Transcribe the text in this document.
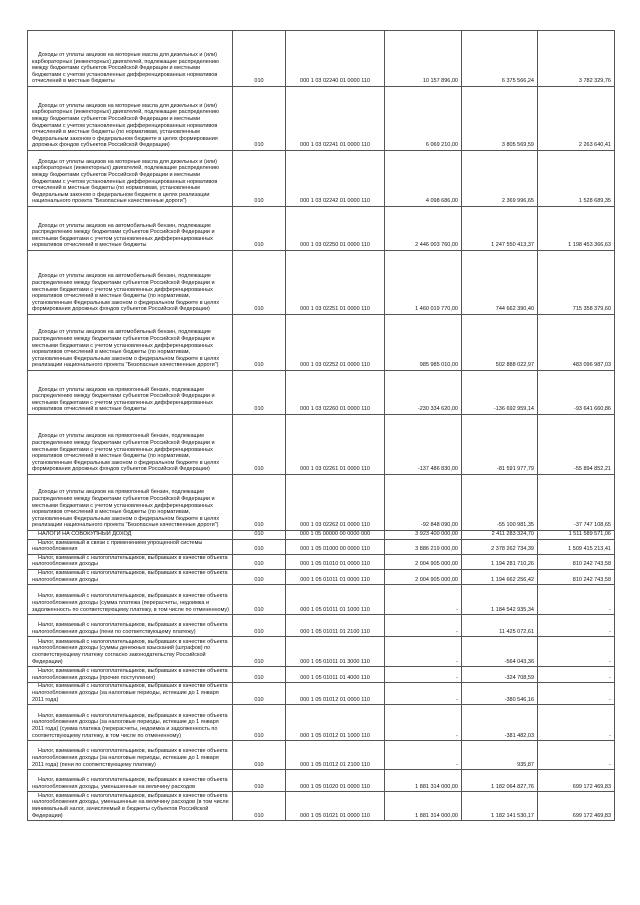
Доходы от уплаты акцизов на моторные масла для дизельных и (или) карбюраторных (инжекторных) двигателей, подлежащие распределению между бюджетами субъектов Российской Федерации и местными бюджетами с учетом установленных дифференцированных нормативов отчислений в местные бюджеты	010	000 1 03 02240 01 0000 110	10 157 896,00	6 375 566,24	3 782 329,76
Доходы от уплаты акцизов на моторные масла для дизельных и (или) карбюраторных (инжекторных) двигателей, подлежащие распределению между бюджетами субъектов Российской Федерации и местными бюджетами с учетом установленных дифференцированных нормативов отчислений в местные бюджеты (по нормативам, установленным Федеральным законом о федеральном бюджете в целях формирования дорожных фондов субъектов Российской Федерации)	010	000 1 03 02241 01 0000 110	6 069 210,00	3 805 569,59	2 263 640,41
Доходы от уплаты акцизов на моторные масла для дизельных и (или) карбюраторных (инжекторных) двигателей, подлежащие распределению между бюджетами субъектов Российской Федерации и местными бюджетами с учетом установленных дифференцированных нормативов отчислений в местные бюджеты (по нормативам, установленным Федеральным законом о федеральном бюджете в целях реализации национального проекта "Безопасные качественные дороги")	010	000 1 03 02242 01 0000 110	4 098 686,00	2 369 996,65	1 528 689,35
Доходы от уплаты акцизов на автомобильный бензин, подлежащие распределению между бюджетами субъектов Российской Федерации и местными бюджетами с учетом установленных дифференцированных нормативов отчислений в местные бюджеты	010	000 1 03 02250 01 0000 110	2 446 003 760,00	1 247 550 413,37	1 198 453 366,63
Доходы от уплаты акцизов на автомобильный бензин, подлежащие распределению между бюджетами субъектов Российской Федерации и местными бюджетами с учетом установленных дифференцированных нормативов отчислений в местные бюджеты (по нормативам, установленным Федеральным законом о федеральном бюджете в целях формирования дорожных фондов субъектов Российской Федерации)	010	000 1 03 02251 01 0000 110	1 460 019 770,00	744 662 390,40	715 358 379,60
Доходы от уплаты акцизов на автомобильный бензин, подлежащие распределению между бюджетами субъектов Российской Федерации и местными бюджетами с учетом установленных дифференцированных нормативов отчислений в местные бюджеты (по нормативам, установленным Федеральным законом о федеральном бюджете в целях реализации национального проекта "Безопасные качественные дороги")	010	000 1 03 02252 01 0000 110	985 985 010,00	502 888 022,97	483 096 987,03
Доходы от уплаты акцизов на прямогонный бензин, подлежащие распределению между бюджетами субъектов Российской Федерации и местными бюджетами с учетом установленных дифференцированных нормативов отчислений в местные бюджеты	010	000 1 03 02260 01 0000 110	-230 334 620,00	-136 692 959,14	-93 641 660,86
Доходы от уплаты акцизов на прямогонный бензин, подлежащие распределению между бюджетами субъектов Российской Федерации и местными бюджетами с учетом установленных дифференцированных нормативов отчислений в местные бюджеты (по нормативам, установленным Федеральным законом о федеральном бюджете в целях формирования дорожных фондов субъектов Российской Федерации)	010	000 1 03 02261 01 0000 110	-137 486 830,00	-81 591 977,79	-55 894 852,21
Доходы от уплаты акцизов на прямогонный бензин, подлежащие распределению между бюджетами субъектов Российской Федерации и местными бюджетами с учетом установленных дифференцированных нормативов отчислений в местные бюджеты (по нормативам, установленным Федеральным законом о федеральном бюджете в целях реализации национального проекта "Безопасные качественные дороги")	010	000 1 03 02262 01 0000 110	-92 848 090,00	-55 100 981,35	-37 747 108,65
НАЛОГИ НА СОВОКУПНЫЙ ДОХОД	010	000 1 05 00000 00 0000 000	3 923 400 000,00	2 411 283 324,70	1 511 589 571,06
Налог, взимаемый в связи с применением упрощенной системы налогообложения	010	000 1 05 01000 00 0000 110	3 886 219 000,00	2 378 262 734,39	1 509 415 213,41
Налог, взимаемый с налогоплательщиков, выбравших в качестве объекта налогообложения доходы	010	000 1 05 01010 01 0000 110	2 004 905 000,00	1 194 281 710,26	810 242 743,58
Налог, взимаемый с налогоплательщиков, выбравших в качестве объекта налогообложения доходы	010	000 1 05 01011 01 0000 110	2 004 905 000,00	1 194 662 256,42	810 242 743,58
Налог, взимаемый с налогоплательщиков, выбравших в качестве объекта налогообложения доходы (сумма платежа (перерасчеты, недоимка и задолженность по соответствующему платежу, в том числе по отмененному)	010	000 1 05 01011 01 1000 110	-	1 184 542 935,34	-
Налог, взимаемый с налогоплательщиков, выбравших в качестве объекта налогообложения доходы (пени по соответствующему платежу)	010	000 1 05 01011 01 2100 110	-	11 425 072,61	-
Налог, взимаемый с налогоплательщиков, выбравших в качестве объекта налогообложения доходы (суммы денежных взысканий (штрафов) по соответствующему платежу согласно законодательству Российской Федерации)	010	000 1 05 01011 01 3000 110	-	-564 043,36	-
Налог, взимаемый с налогоплательщиков, выбравших в качестве объекта налогообложения доходы (прочие поступления)	010	000 1 05 01011 01 4000 110	-	-324 708,59	-
Налог, взимаемый с налогоплательщиков, выбравших в качестве объекта налогообложения доходы (за налоговые периоды, истекшие до 1 января 2011 года)	010	000 1 05 01012 01 0000 110	-	-380 546,16	-
Налог, взимаемый с налогоплательщиков, выбравших в качестве объекта налогообложения доходы (за налоговые периоды, истекшие до 1 января 2011 года) (сумма платежа (перерасчеты, недоимка и задолженность по соответствующему платежу, в том числе по отмененному)	010	000 1 05 01012 01 1000 110	-	-381 482,03	-
Налог, взимаемый с налогоплательщиков, выбравших в качестве объекта налогообложения доходы (за налоговые периоды, истекшие до 1 января 2011 года) (пени по соответствующему платежу)	010	000 1 05 01012 01 2100 110	-	935,87	-
Налог, взимаемый с налогоплательщиков, выбравших в качестве объекта налогообложения доходы, уменьшенные на величину расходов	010	000 1 05 01020 01 0000 110	1 881 314 000,00	1 182 064 827,76	699 172 469,83
Налог, взимаемый с налогоплательщиков, выбравших в качестве объекта налогообложения доходы, уменьшенные на величину расходов (в том числе минимальный налог, зачисляемый в бюджеты субъектов Российской Федерации)	010	000 1 05 01021 01 0000 110	1 881 314 000,00	1 182 141 530,17	699 172 469,83
